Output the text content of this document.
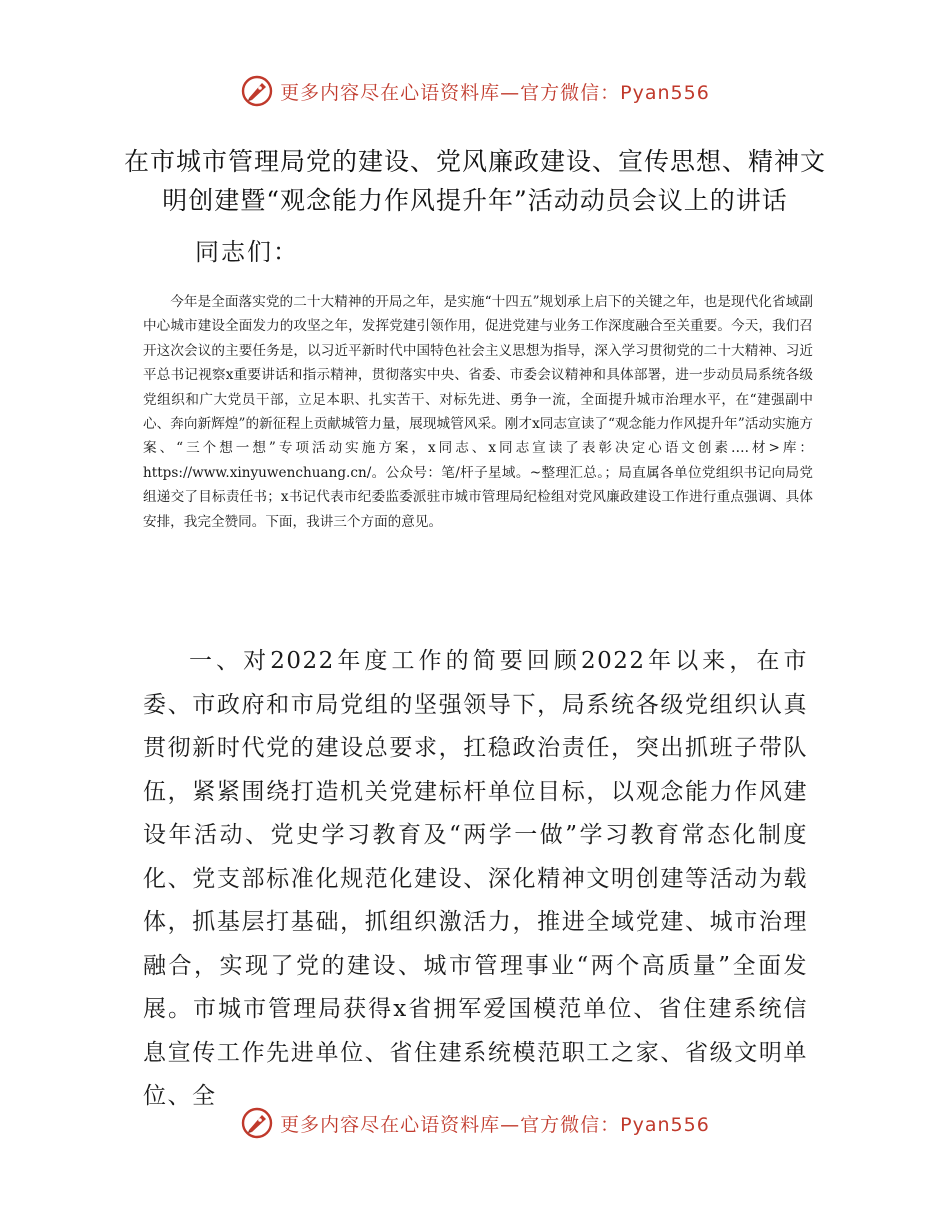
更多内容尽在心语资料库—官方微信：Pyan556
在市城市管理局党的建设、党风廉政建设、宣传思想、精神文
明创建暨“观念能力作风提升年”活动动员会议上的讲话
同志们：

今年是全面落实党的二十大精神的开局之年，是实施“十四五”规划承上启下的关键之年，也是现代化省域副中心城市建设全面发力的攻坚之年，发挥党建引领作用，促进党建与业务工作深度融合至关重要。今天，我们召开这次会议的主要任务是，以习近平新时代中国特色社会主义思想为指导，深入学习贯彻党的二十大精神、习近平总书记视察x重要讲话和指示精神，贯彻落实中央、省委、市委会议精神和具体部署，进一步动员局系统各级党组织和广大党员干部，立足本职、扎实苦干、对标先进、勇争一流，全面提升城市治理水平，在“建强副中心、奔向新辉煌”的新征程上贡献城管力量，展现城管风采。刚才x同志宣读了“观念能力作风提升年”活动实施方案、“三个想一想”专项活动实施方案，x同志、x同志宣读了表彰决定心语文创素….材>库：https://www.xinyuwenchuang.cn/。公众号：笔/杆子星域。~整理汇总。；局直属各单位党组织书记向局党组递交了目标责任书；x书记代表市纪委监委派驻市城市管理局纪检组对党风廉政建设工作进行重点强调、具体安排，我完全赞同。下面，我讲三个方面的意见。

一、对2022年度工作的简要回顾2022年以来，在市委、市政府和市局党组的坚强领导下，局系统各级党组织认真贯彻新时代党的建设总要求，扛稳政治责任，突出抓班子带队伍，紧紧围绕打造机关党建标杆单位目标，以观念能力作风建设年活动、党史学习教育及“两学一做”学习教育常态化制度化、党支部标准化规范化建设、深化精神文明创建等活动为载体，抓基层打基础，抓组织激活力，推进全域党建、城市治理融合，实现了党的建设、城市管理事业“两个高质量”全面发展。市城市管理局获得x省拥军爱国模范单位、省住建系统信息宣传工作先进单位、省住建系统模范职工之家、省级文明单位、全

更多内容尽在心语资料库—官方微信：Pyan556
